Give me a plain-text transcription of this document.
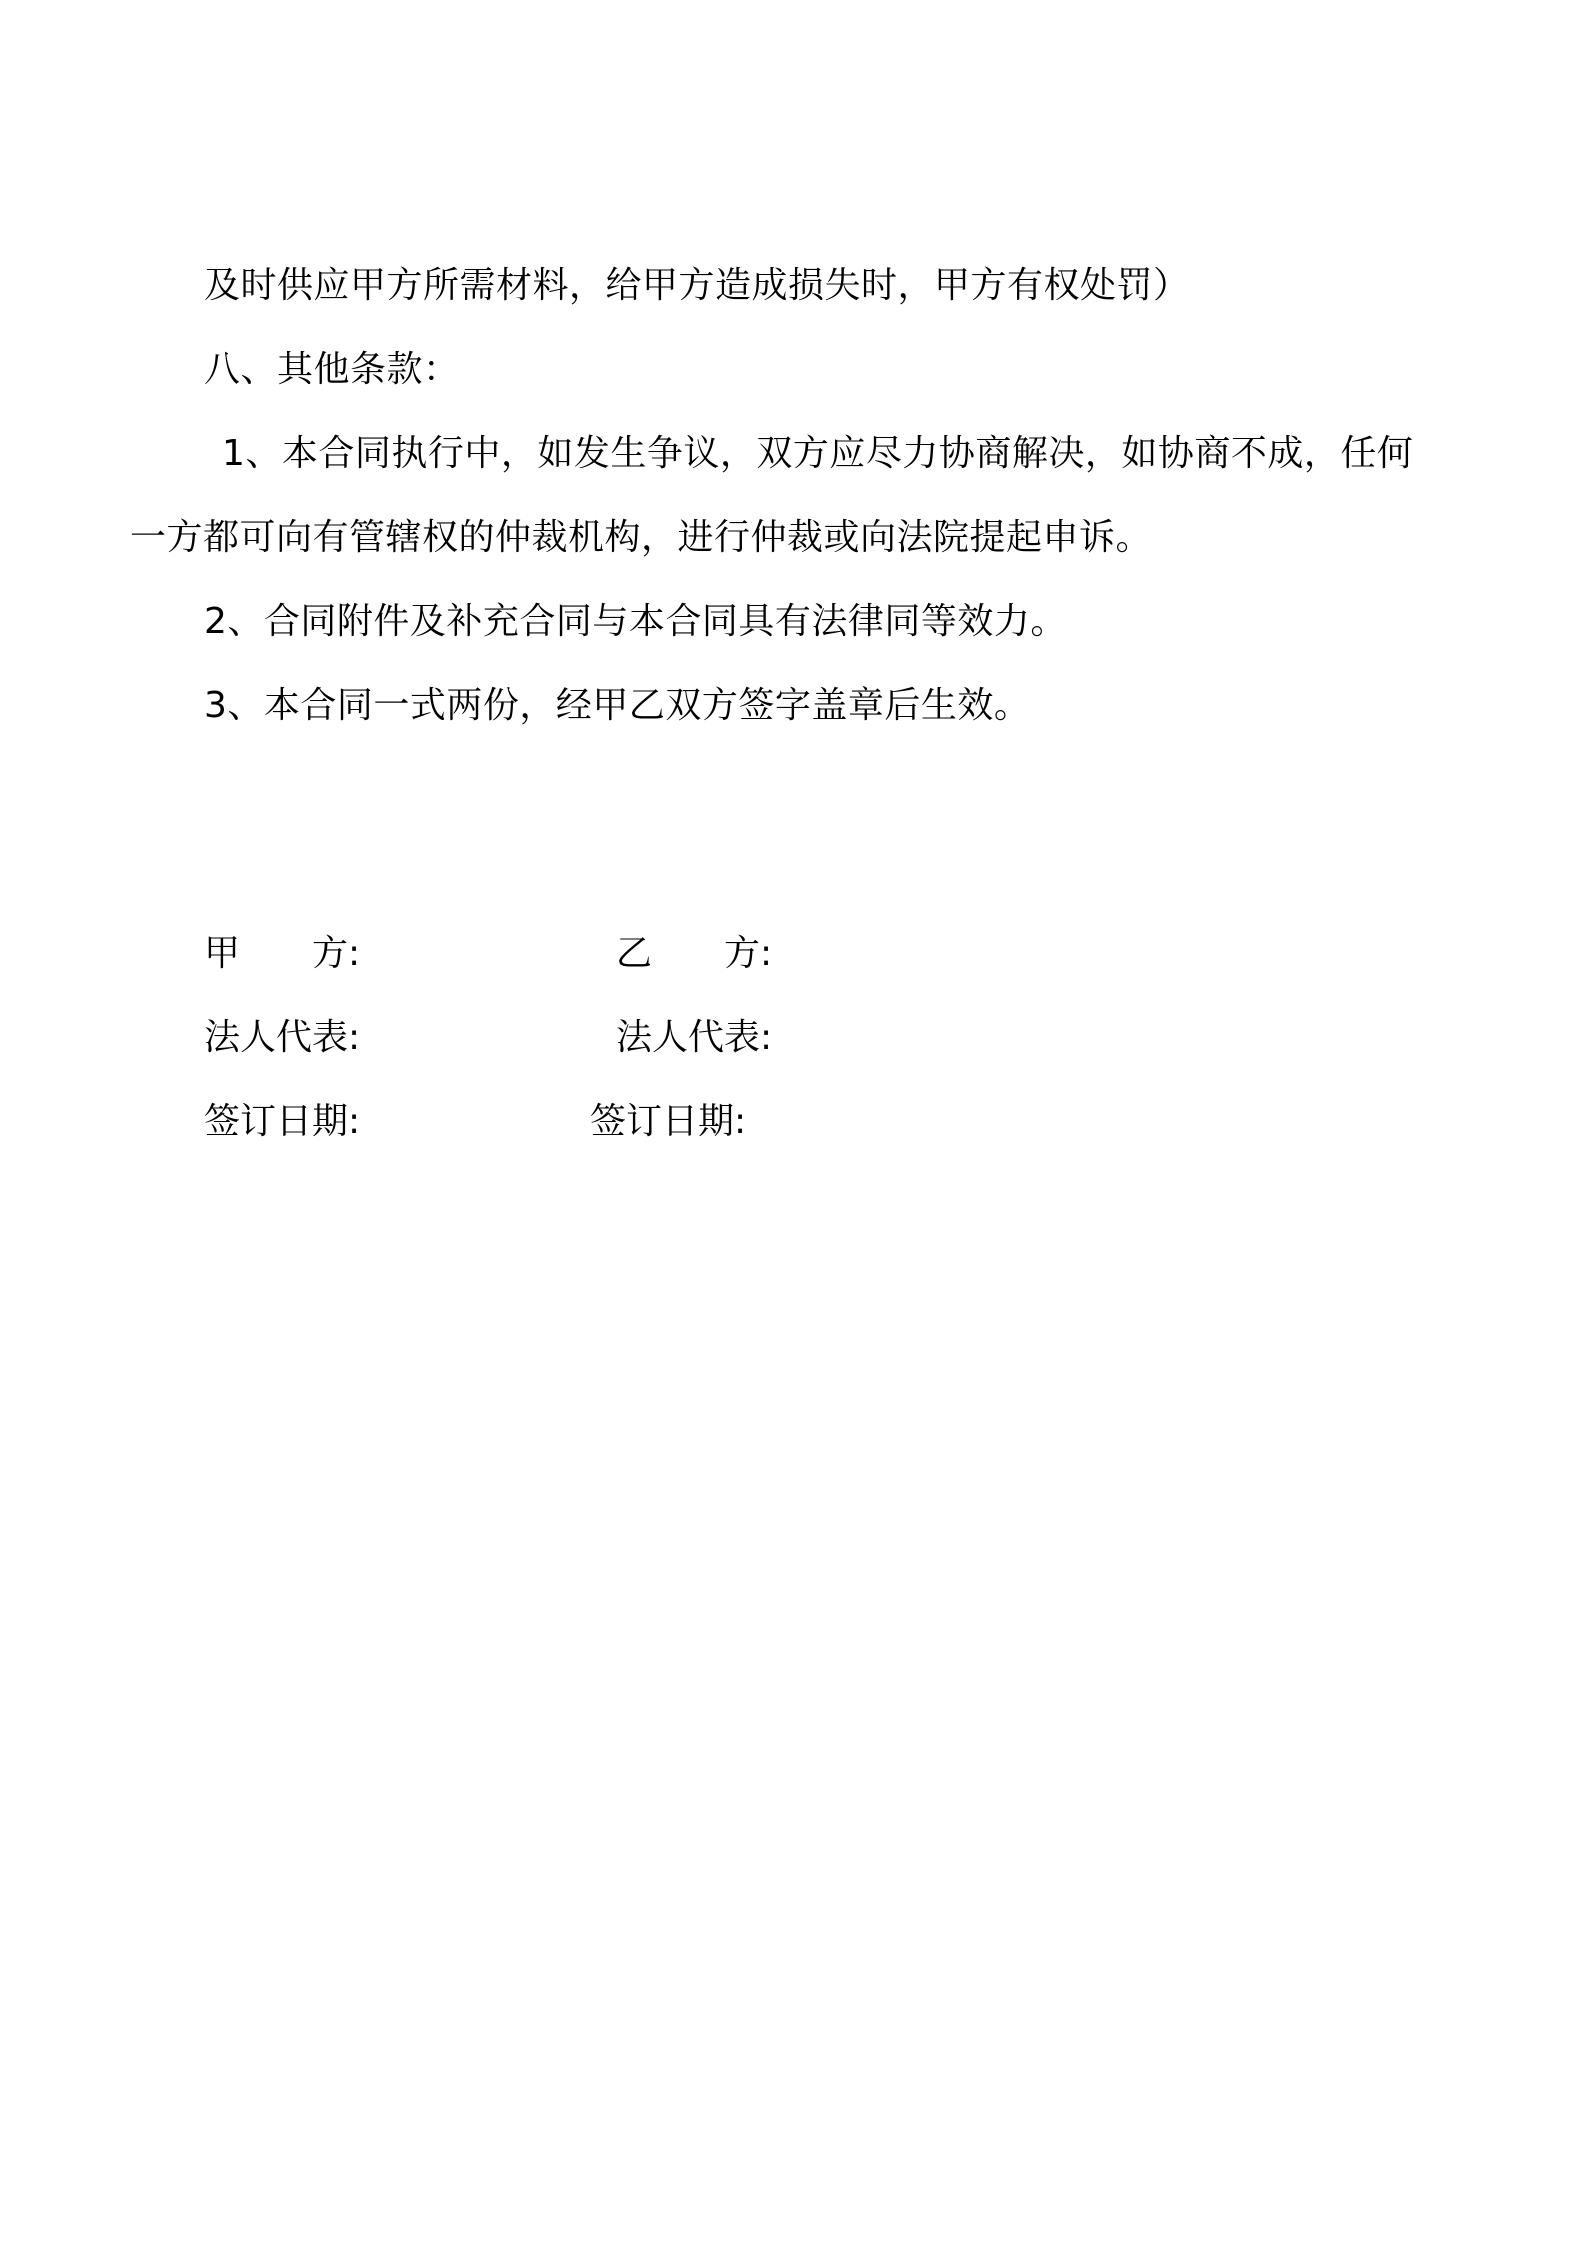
及时供应甲方所需材料，给甲方造成损失时，甲方有权处罚）
八、其他条款：
1、本合同执行中，如发生争议，双方应尽力协商解决，如协商不成，任何
一方都可向有管辖权的仲裁机构，进行仲裁或向法院提起申诉。
2、合同附件及补充合同与本合同具有法律同等效力。
3、本合同一式两份，经甲乙双方签字盖章后生效。
甲　　方:
法人代表:
签订日期:
乙　　方:
法人代表:
签订日期:
